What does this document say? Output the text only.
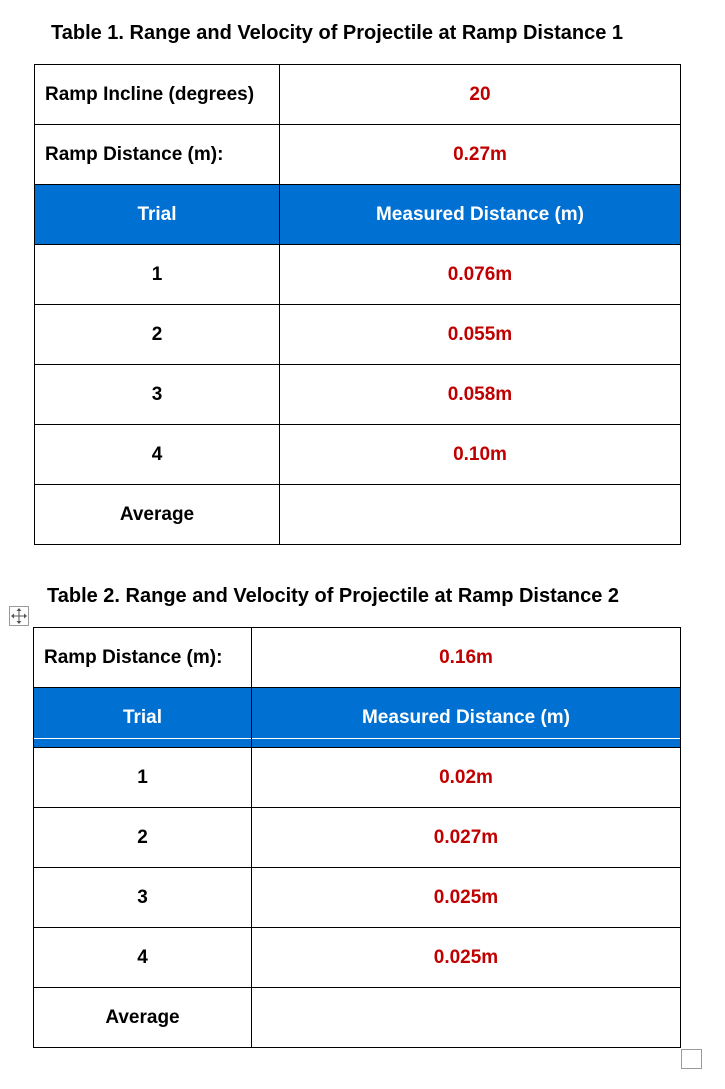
Table 1. Range and Velocity of Projectile at Ramp Distance 1
Ramp Incline (degrees)	20
Ramp Distance (m):	0.27m
Trial	Measured Distance (m)
1	0.076m
2	0.055m
3	0.058m
4	0.10m
Average	
Table 2. Range and Velocity of Projectile at Ramp Distance 2
Ramp Distance (m):	0.16m
Trial	Measured Distance (m)
1	0.02m
2	0.027m
3	0.025m
4	0.025m
Average	
